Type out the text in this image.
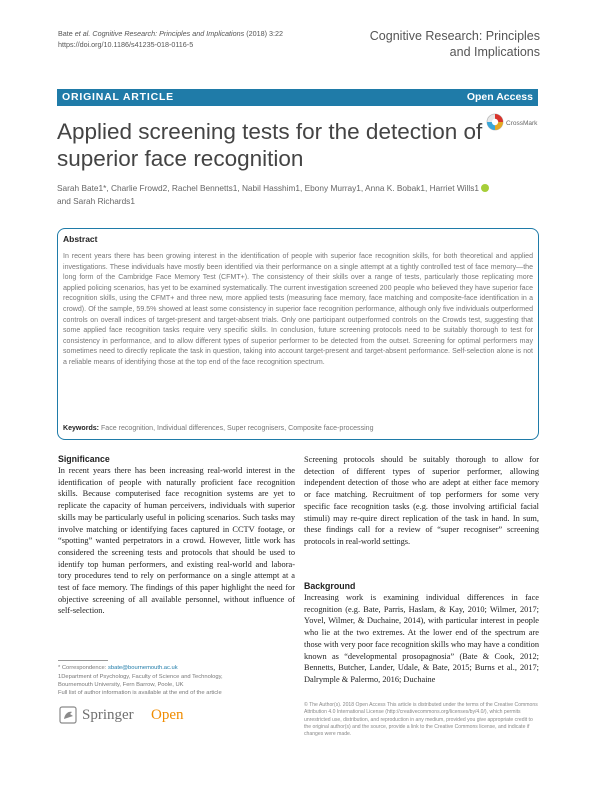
Bate et al. Cognitive Research: Principles and Implications (2018) 3:22
https://doi.org/10.1186/s41235-018-0116-5
Cognitive Research: Principles
and Implications
ORIGINAL ARTICLE	Open Access
Applied screening tests for the detection of superior face recognition
CrossMark
Sarah Bate1*, Charlie Frowd2, Rachel Bennetts1, Nabil Hasshim1, Ebony Murray1, Anna K. Bobak1, Harriet Wills1
and Sarah Richards1
Abstract
In recent years there has been growing interest in the identification of people with superior face recognition skills, for both theoretical and applied investigations. These individuals have mostly been identified via their performance on a single attempt at a tightly controlled test of face memory—the long form of the Cambridge Face Memory Test (CFMT+). The consistency of their skills over a range of tests, particularly those replicating more applied policing scenarios, has yet to be examined systematically. The current investigation screened 200 people who believed they have superior face recognition skills, using the CFMT+ and three new, more applied tests (measuring face memory, face matching and composite-face identification in a crowd). Of the sample, 59.5% showed at least some consistency in superior face recognition performance, although only five individuals outperformed controls on overall indices of target-present and target-absent trials. Only one participant outperformed controls on the Crowds test, suggesting that some applied face recognition tasks require very specific skills. In conclusion, future screening protocols need to be suitably thorough to test for consistency in performance, and to allow different types of superior performer to be detected from the outset. Screening for optimal performers may sometimes need to directly replicate the task in question, taking into account target-present and target-absent performance. Self-selection alone is not a reliable means of identifying those at the top end of the face recognition spectrum.
Keywords: Face recognition, Individual differences, Super recognisers, Composite face-processing
Significance
In recent years there has been increasing real-world interest in the identification of people with naturally proficient face recognition skills. Because computerised face recognition systems are yet to replicate the capacity of human perceivers, individuals with superior skills may be particularly useful in policing scenarios. Such tasks may involve matching or identifying faces captured in CCTV footage, or “spotting” wanted perpetrators in a crowd. However, little work has considered the screening tests and protocols that should be used to identify top human performers, and existing real-world and labora-tory procedures tend to rely on performance on a single attempt at a test of face memory. The findings of this paper highlight the need for objective screening of all available personnel, without influence of self-selection.
Screening protocols should be suitably thorough to allow for detection of different types of superior performer, allowing independent detection of those who are adept at either face memory or face matching. Recruitment of top performers for some very specific face recognition tasks (e.g. those involving artificial facial stimuli) may re-quire direct replication of the task in hand. In sum, these findings call for a review of “super recogniser” screening protocols in real-world settings.
Background
Increasing work is examining individual differences in face recognition (e.g. Bate, Parris, Haslam, & Kay, 2010; Wilmer, 2017; Yovel, Wilmer, & Duchaine, 2014), with particular interest in people who lie at the two extremes. At the lower end of the spectrum are those with very poor face recognition skills who may have a condition known as “developmental prosopagnosia” (Bate & Cook, 2012; Bennetts, Butcher, Lander, Udale, & Bate, 2015; Burns et al., 2017; Dalrymple & Palermo, 2016; Duchaine
* Correspondence: sbate@bournemouth.ac.uk
1Department of Psychology, Faculty of Science and Technology,
Bournemouth University, Fern Barrow, Poole, UK
Full list of author information is available at the end of the article
Springer Open
© The Author(s). 2018 Open Access This article is distributed under the terms of the Creative Commons Attribution 4.0 International License (http://creativecommons.org/licenses/by/4.0/), which permits unrestricted use, distribution, and reproduction in any medium, provided you give appropriate credit to the original author(s) and the source, provide a link to the Creative Commons license, and indicate if changes were made.
